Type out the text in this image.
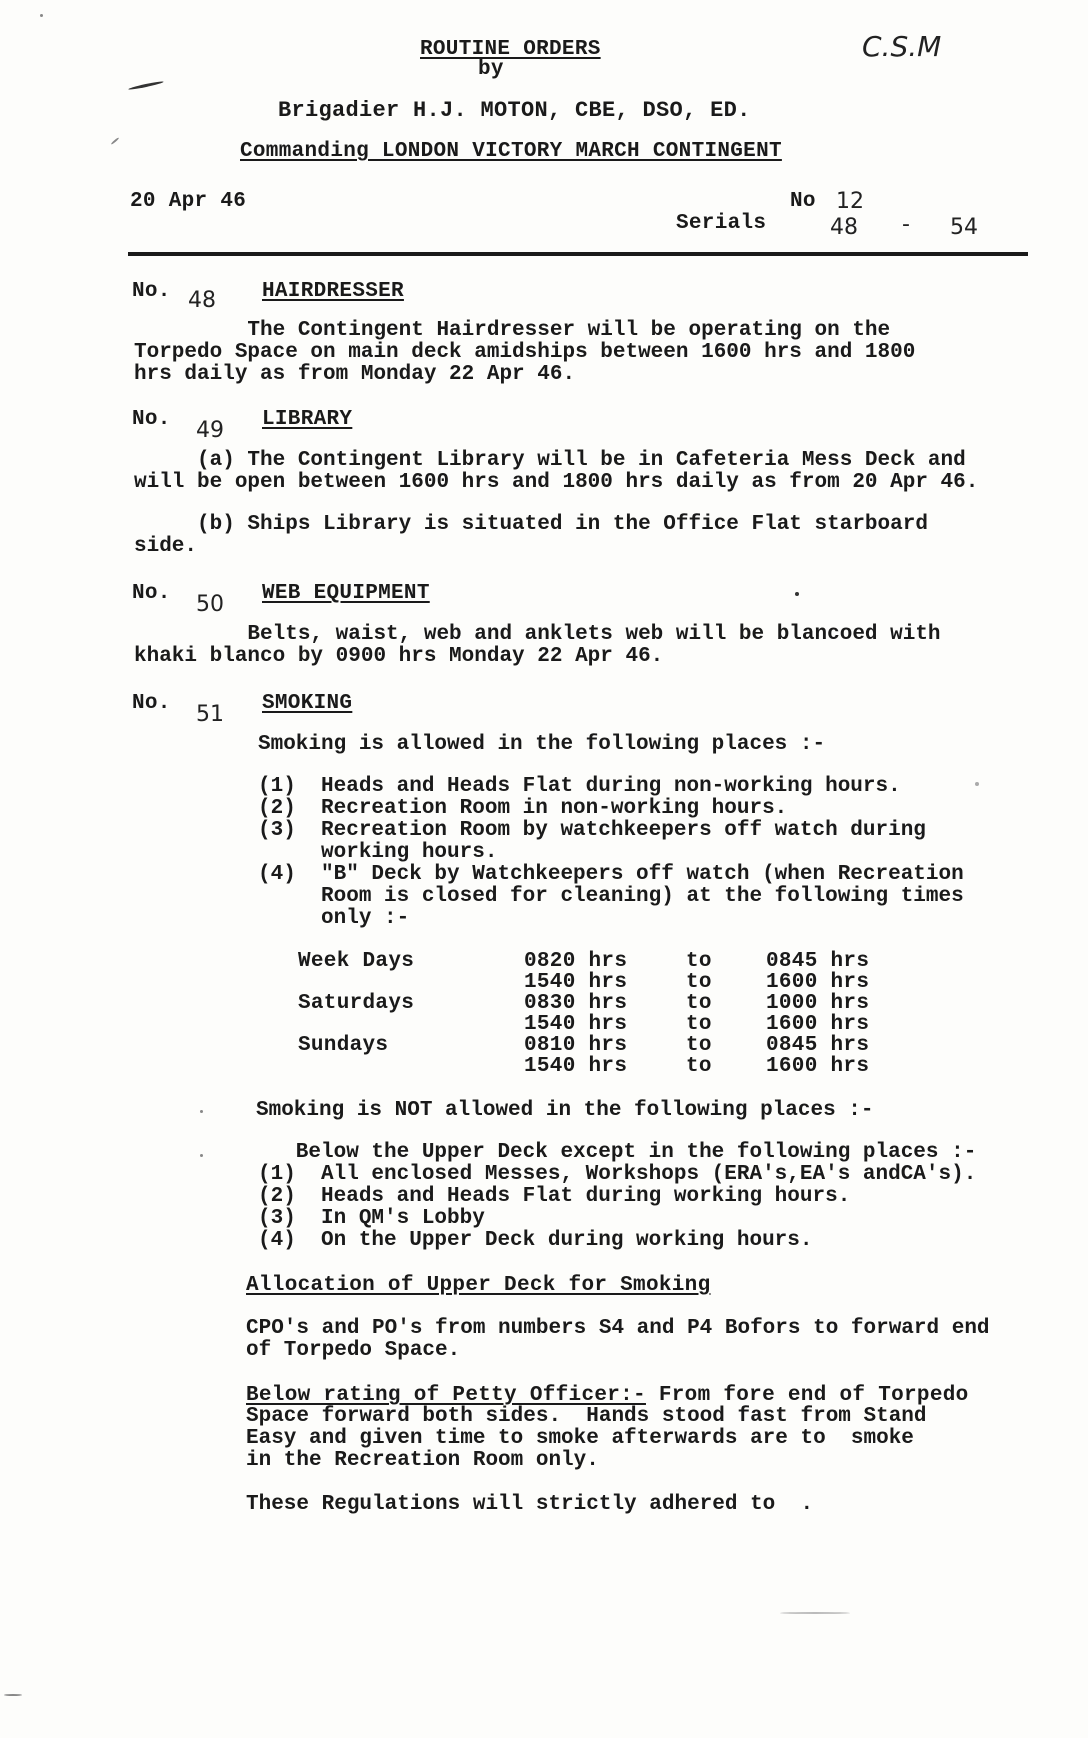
ROUTINE ORDERS
by
Brigadier H.J. MOTON, CBE, DSO, ED.
Commanding LONDON VICTORY MARCH CONTINGENT
C.S.M
20 Apr 46	No 12
Serials	48 - 54
No. 48 HAIRDRESSER
The Contingent Hairdresser will be operating on the
Torpedo Space on main deck amidships between 1600 hrs and 1800
hrs daily as from Monday 22 Apr 46.
No. 49 LIBRARY
(a) The Contingent Library will be in Cafeteria Mess Deck and
will be open between 1600 hrs and 1800 hrs daily as from 20 Apr 46.
(b) Ships Library is situated in the Office Flat starboard
side.
No. 50 WEB EQUIPMENT
Belts, waist, web and anklets web will be blancoed with
khaki blanco by 0900 hrs Monday 22 Apr 46.
No. 51 SMOKING
Smoking is allowed in the following places :-
(1)  Heads and Heads Flat during non-working hours.
(2)  Recreation Room in non-working hours.
(3)  Recreation Room by watchkeepers off watch during
working hours.
(4)  "B" Deck by Watchkeepers off watch (when Recreation
Room is closed for cleaning) at the following times
only :-
Week Days	0820 hrs	to	0845 hrs
1540 hrs	to	1600 hrs
Saturdays	0830 hrs	to	1000 hrs
1540 hrs	to	1600 hrs
Sundays	0810 hrs	to	0845 hrs
1540 hrs	to	1600 hrs
Smoking is NOT allowed in the following places :-
Below the Upper Deck except in the following places :-
(1)  All enclosed Messes, Workshops (ERA's,EA's andCA's).
(2)  Heads and Heads Flat during working hours.
(3)  In QM's Lobby
(4)  On the Upper Deck during working hours.
Allocation of Upper Deck for Smoking
CPO's and PO's from numbers S4 and P4 Bofors to forward end
of Torpedo Space.
Below rating of Petty Officer:- From fore end of Torpedo
Space forward both sides.  Hands stood fast from Stand
Easy and given time to smoke afterwards are to  smoke
in the Recreation Room only.
These Regulations will strictly adhered to  .
